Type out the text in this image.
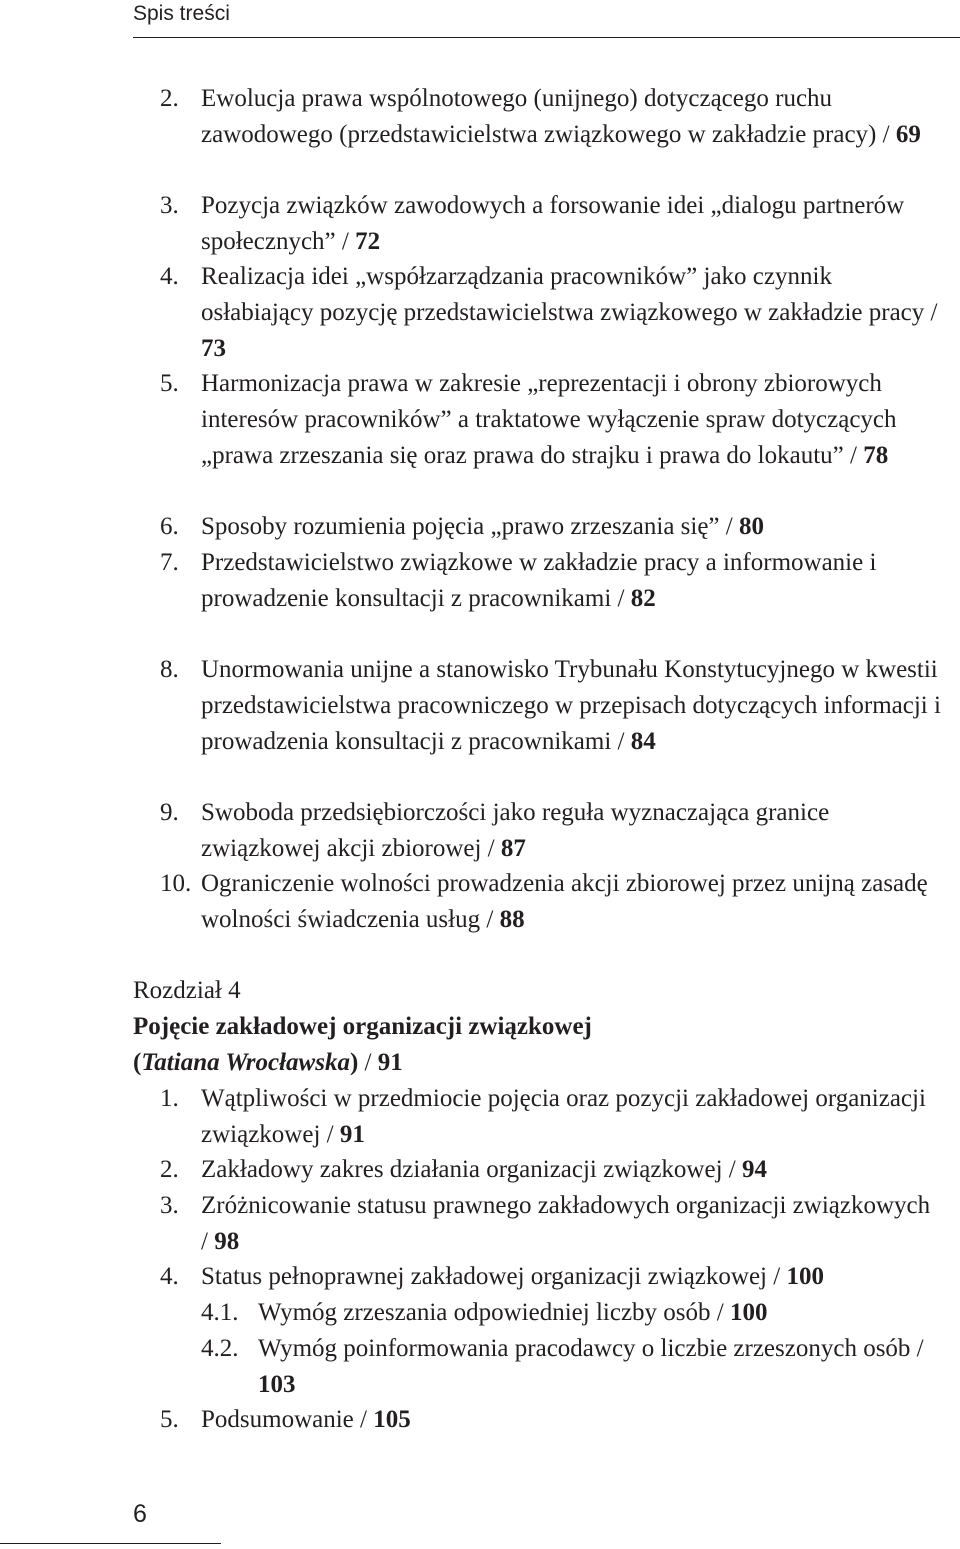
Spis treści

2. Ewolucja prawa wspólnotowego (unijnego) dotyczącego ruchu zawodowego (przedstawicielstwa związkowego w zakładzie pracy) / 69

3. Pozycja związków zawodowych a forsowanie idei „dialogu partnerów społecznych” / 72

4. Realizacja idei „współzarządzania pracowników” jako czynnik osłabiający pozycję przedstawicielstwa związkowego w zakładzie pracy / 73

5. Harmonizacja prawa w zakresie „reprezentacji i obrony zbiorowych interesów pracowników” a traktatowe wyłączenie spraw dotyczących „prawa zrzeszania się oraz prawa do strajku i prawa do lokautu” / 78

6. Sposoby rozumienia pojęcia „prawo zrzeszania się” / 80

7. Przedstawicielstwo związkowe w zakładzie pracy a informowanie i prowadzenie konsultacji z pracownikami / 82

8. Unormowania unijne a stanowisko Trybunału Konstytucyjnego w kwestii przedstawicielstwa pracowniczego w przepisach dotyczących informacji i prowadzenia konsultacji z pracownikami / 84

9. Swoboda przedsiębiorczości jako reguła wyznaczająca granice związkowej akcji zbiorowej / 87

10. Ograniczenie wolności prowadzenia akcji zbiorowej przez unijną zasadę wolności świadczenia usług / 88

Rozdział 4

Pojęcie zakładowej organizacji związkowej

(Tatiana Wrocławska) / 91

1. Wątpliwości w przedmiocie pojęcia oraz pozycji zakładowej organizacji związkowej / 91

2. Zakładowy zakres działania organizacji związkowej / 94

3. Zróżnicowanie statusu prawnego zakładowych organizacji związkowych / 98

4. Status pełnoprawnej zakładowej organizacji związkowej / 100

4.1. Wymóg zrzeszania odpowiedniej liczby osób / 100

4.2. Wymóg poinformowania pracodawcy o liczbie zrzeszonych osób / 103

5. Podsumowanie / 105

6
